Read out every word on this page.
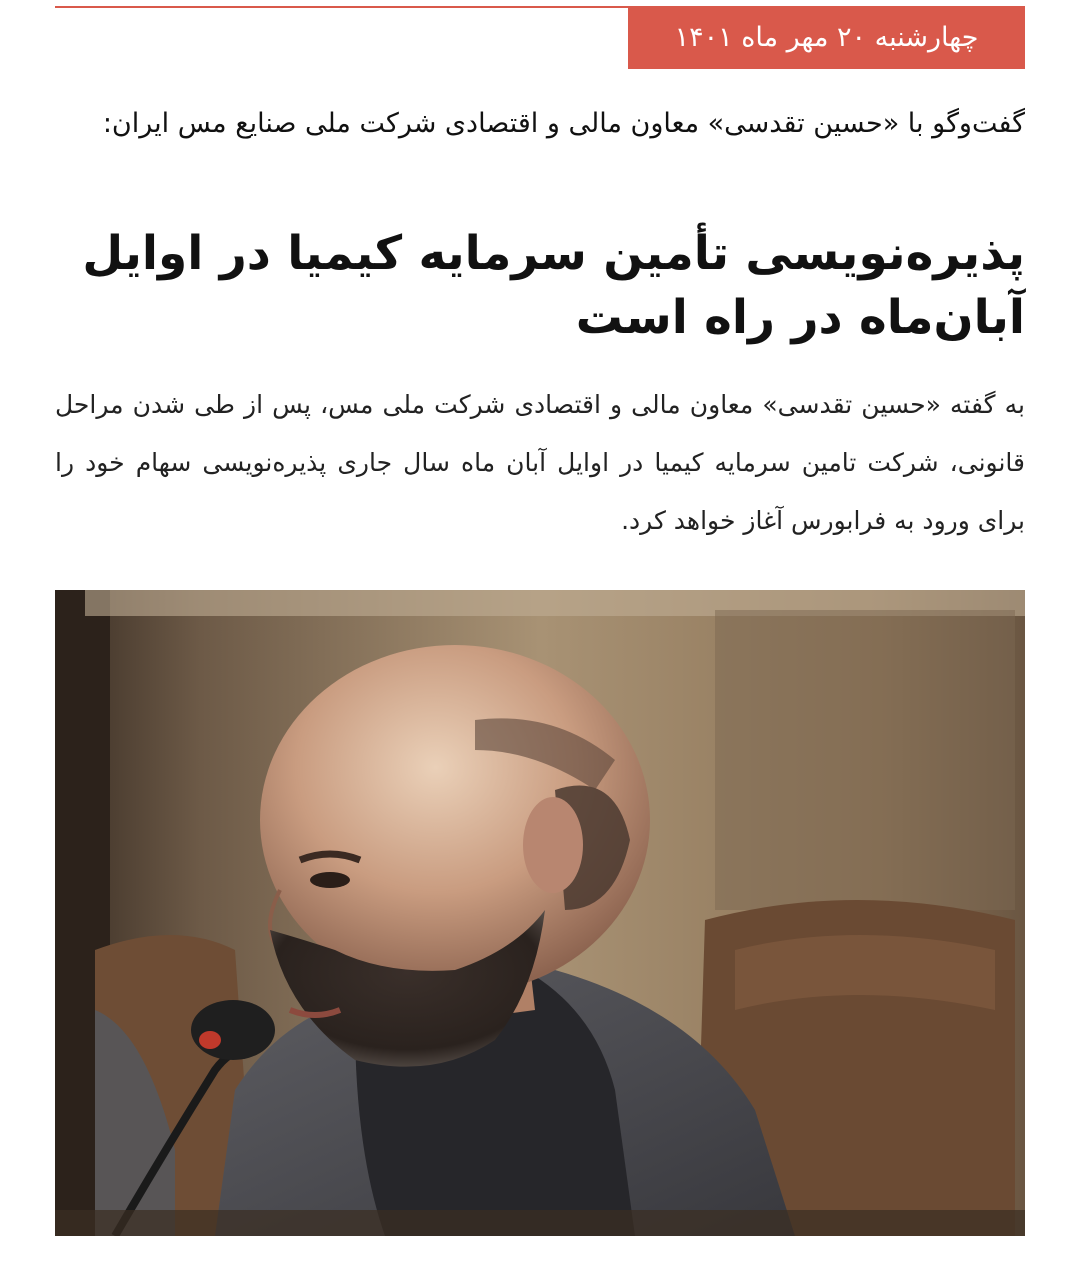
چهارشنبه ۲۰ مهر ماه ۱۴۰۱

گفت‌وگو با «حسین تقدسی» معاون مالی و اقتصادی شرکت ملی صنایع مس ایران:

پذیره‌نویسی تأمین سرمایه کیمیا در اوایل آبان‌ماه در راه است

به گفته «حسین تقدسی» معاون مالی و اقتصادی شرکت ملی مس، پس از طی شدن مراحل قانونی، شرکت تامین سرمایه کیمیا در اوایل آبان ماه سال جاری پذیره‌نویسی سهام خود را برای ورود به فرابورس آغاز خواهد کرد.
